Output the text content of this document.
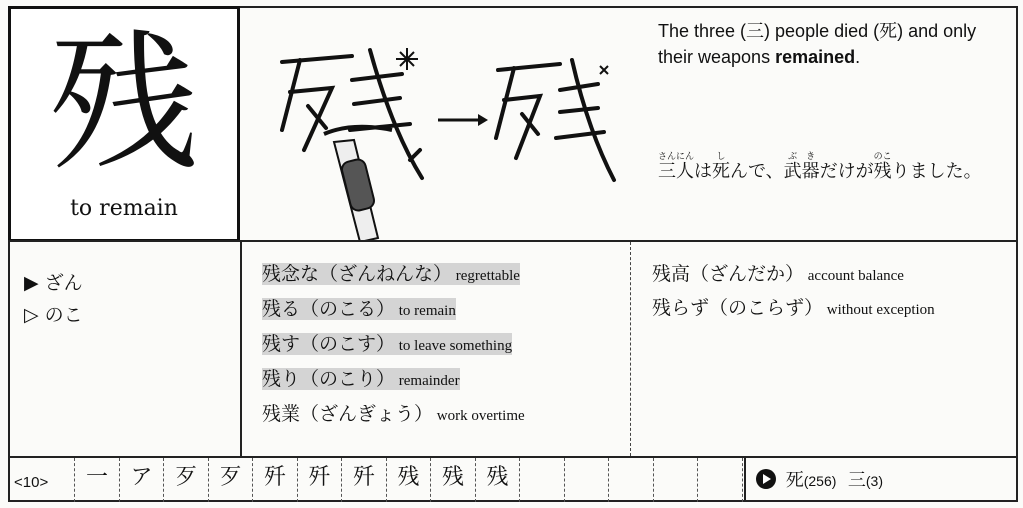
残
to remain
The three (三) people died (死) and only their weapons remained.
三人さんにんは死しんで、武器ぶきだけが残のこりました。
▶ ざん
▷ のこ
残念な（ざんねんな） regrettable
残る（のこる） to remain
残す（のこす） to leave something
残り（のこり） remainder
残業（ざんぎょう） work overtime
残高（ざんだか） account balance
残らず（のこらず） without exception
<10>	一	ア	歹	歹	歼	歼	歼	残	残	残	死(256) 三(3)
